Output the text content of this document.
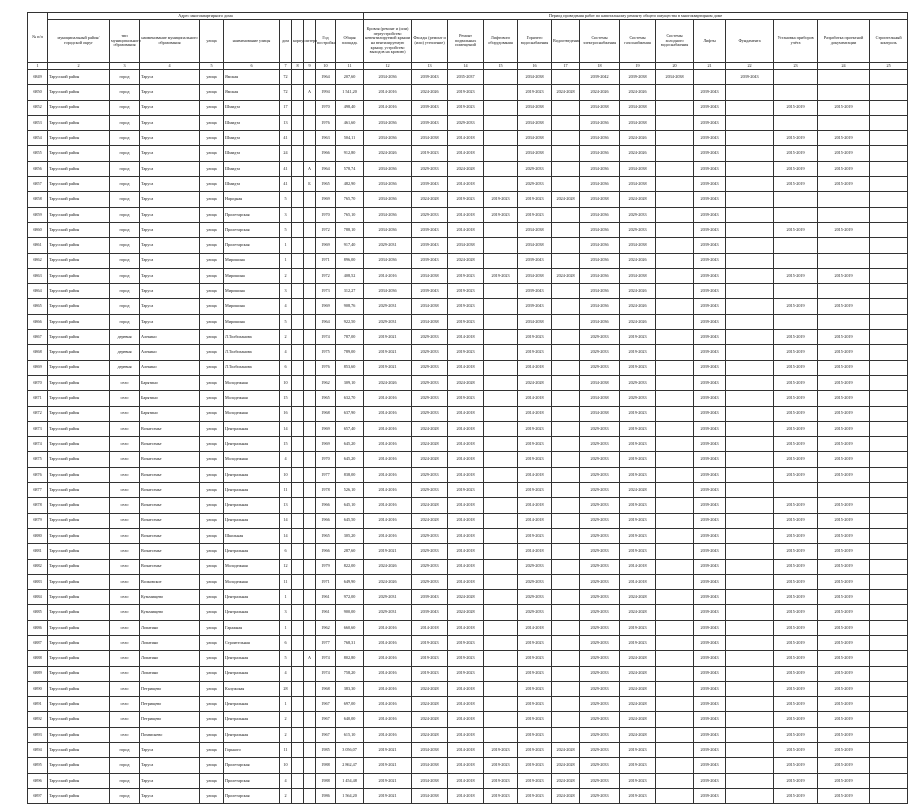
№ п/п	Адрес многоквартирного дома										Период проведения работ по капитальному ремонту общего имущества в многоквартирном доме													
	муниципальный район/городской округ	тип муниципального образования	наименование муниципального образования	улица	наименование улицы	дом	корпус	литера	Год постройки	Общая площадь	Кровля (ремонт и (или) переустройство невентилируемой крыши на вентилируемую крышу, устройство выходов на кровлю)	Фасады (ремонт и (или) утепление)	Ремонт подвальных помещений	Лифтового оборудования	Горячего водоснабжения	Водоотведения	Системы электроснабжения	Системы газоснабжения	Системы холодного водоснабжения	Лифты	Фундамента	Установка приборов учёта	Разработка проектной документации	Строительный контроль
1	2	3	4	5	6	7	8	9	10	11	12	13	14	15	16	17	18	19	20	21	22	23	24	25
6849	Тарусский район	город	Таруса	улица	Ямская	72			1964	207,60	2034-2036	2039-2043	2035-2037		2034-2038		2039-2042	2039-2038	2034-2038		2039-2043			
6850	Тарусский район	город	Таруса	улица	Ямская	72		А	1994	1 541,20	2014-2016	2024-2026	2019-2023		2019-2023	2024-2028	2024-2026	2024-2026		2039-2043				
6852	Тарусский район	город	Таруса	улица	Шмидта	17			1970	498,40	2014-2016	2039-2043	2019-2023		2034-2038		2034-2038	2034-2038		2039-2043		2015-2019	2015-2019	
6853	Тарусский район	город	Таруса	улица	Шмидта	13			1976	461,60	2034-2036	2039-2043	2029-2033		2034-2038		2034-2036	2034-2038		2039-2043				
6854	Тарусский район	город	Таруса	улица	Шмидта	41			1963	504,11	2034-2036	2034-2038	2014-2018		2034-2038		2034-2036	2024-2026		2039-2043		2015-2019	2015-2019	
6855	Тарусский район	город	Таруса	улица	Шмидта	24			1966	912,80	2024-2026	2019-2023	2014-2018		2034-2038		2034-2036	2024-2026		2039-2043		2015-2019	2015-2019	
6856	Тарусский район	город	Таруса	улица	Шмидта	41		А	1964	578,74	2034-2036	2029-2033	2024-2028		2029-2033		2034-2036	2034-2038		2039-2043		2015-2019	2015-2019	
6857	Тарусский район	город	Таруса	улица	Шмидта	41		Б	1965	482,90	2034-2036	2039-2043	2014-2018		2029-2033		2034-2036	2034-2038		2039-2043		2015-2019	2015-2019	
6858	Тарусский район	город	Таруса	улица	Народная	5			1969	765,70	2034-2036	2024-2028	2019-2023	2019-2023	2019-2023	2024-2028	2034-2038	2024-2028		2039-2043				
6859	Тарусский район	город	Таруса	улица	Пролетарская	3			1970	765,10	2034-2036	2029-2033	2014-2018	2019-2023	2019-2023		2034-2036	2029-2033		2039-2043				
6860	Тарусский район	город	Таруса	улица	Пролетарская	5			1972	788,10	2034-2036	2039-2043	2014-2018		2034-2038		2034-2036	2029-2033		2039-2043		2015-2019	2015-2019	
6861	Тарусский район	город	Таруса	улица	Пролетарская	1			1969	917,40	2029-2031	2039-2043	2034-2038		2034-2038		2034-2036	2034-2038		2039-2043				
6862	Тарусский район	город	Таруса	улица	Мирошина	1			1971	896,00	2034-2036	2039-2043	2024-2028		2039-2043		2034-2036	2024-2026		2039-2043				
6863	Тарусский район	город	Таруса	улица	Мирошина	2			1972	408,52	2014-2016	2034-2038	2019-2023	2019-2023	2034-2038	2024-2028	2034-2036	2034-2038		2039-2043		2015-2019	2015-2019	
6864	Тарусский район	город	Таруса	улица	Мирошина	3			1973	312,27	2034-2036	2039-2043	2019-2023		2039-2043		2034-2036	2024-2026		2039-2043				
6865	Тарусский район	город	Таруса	улица	Мирошина	4			1969	908,76	2029-2031	2034-2038	2019-2023		2039-2043		2034-2036	2024-2026		2039-2043		2015-2019	2015-2019	
6866	Тарусский район	город	Таруса	улица	Мирошина	5			1964	922,50	2029-2031	2034-2038	2019-2023		2034-2038		2034-2036	2024-2026		2039-2043				
6867	Тарусский район	деревня	Алекино	улица	Л.Толбиханова	2			1974	787,00	2019-2021	2029-2033	2014-2018		2019-2023		2029-2033	2019-2023		2039-2043		2015-2019	2015-2019	
6868	Тарусский район	деревня	Алекино	улица	Л.Толбиханова	4			1975	789,00	2019-2021	2029-2033	2019-2023		2019-2023		2029-2033	2019-2023		2039-2043		2015-2019	2015-2019	
6869	Тарусский район	деревня	Алекино	улица	Л.Толбиханова	6			1976	853,60	2019-2021	2029-2033	2014-2018		2014-2018		2029-2033	2019-2023		2039-2043		2015-2019	2015-2019	
6870	Тарусский район	село	Барятино	улица	Молодежная	10			1962	309,10	2024-2026	2029-2033	2024-2028		2024-2028		2034-2038	2029-2033		2039-2043		2015-2019	2015-2019	
6871	Тарусский район	село	Барятино	улица	Молодежная	15			1965	632,70	2014-2016	2029-2033	2019-2023		2014-2018		2034-2038	2029-2033		2039-2043		2015-2019	2015-2019	
6872	Тарусский район	село	Барятино	улица	Молодежная	16			1968	637,90	2014-2016	2029-2033	2014-2018		2014-2018		2034-2038	2019-2023		2039-2043		2015-2019	2015-2019	
6873	Тарусский район	село	Вознесенье	улица	Центральная	14			1969	657,40	2014-2016	2024-2028	2014-2018		2019-2023		2029-2033	2019-2023		2039-2043		2015-2019	2015-2019	
6874	Тарусский район	село	Вознесенье	улица	Центральная	15			1969	645,20	2014-2016	2024-2028	2014-2018		2019-2023		2029-2033	2019-2023		2039-2043		2015-2019	2015-2019	
6875	Тарусский район	село	Вознесенье	улица	Молодежная	4			1970	645,20	2014-2016	2024-2028	2014-2018		2019-2023		2029-2033	2019-2023		2039-2043		2015-2019	2015-2019	
6876	Тарусский район	село	Вознесенье	улица	Центральная	10			1977	838,00	2014-2016	2029-2033	2014-2018		2014-2018		2029-2033	2019-2023		2039-2043		2015-2019	2015-2019	
6877	Тарусский район	село	Вознесенье	улица	Центральная	11			1978	526,10	2014-2016	2029-2033	2019-2023		2019-2023		2029-2033	2024-2028		2039-2043				
6878	Тарусский район	село	Вознесенье	улица	Центральная	13			1966	645,10	2014-2016	2024-2028	2014-2018		2014-2018		2029-2033	2019-2023		2039-2043		2015-2019	2015-2019	
6879	Тарусский район	село	Вознесенье	улица	Центральная	14			1966	645,50	2014-2016	2024-2028	2014-2018		2014-2018		2029-2033	2019-2023		2039-2043		2015-2019	2015-2019	
6880	Тарусский район	село	Вознесенье	улица	Школьная	14			1965	305,20	2014-2016	2029-2033	2014-2018		2019-2023		2029-2033	2019-2023		2039-2043		2015-2019	2015-2019	
6881	Тарусский район	село	Вознесенье	улица	Центральная	6			1966	287,60	2019-2021	2029-2033	2014-2018		2014-2018		2029-2033	2019-2023		2039-2043		2015-2019	2015-2019	
6882	Тарусский район	село	Вознесенье	улица	Молодежная	12			1979	822,00	2024-2026	2029-2033	2014-2018		2029-2033		2029-2033	2014-2018		2039-2043		2015-2019	2015-2019	
6883	Тарусский район	село	Волковское	улица	Молодежная	11			1971	649,90	2024-2026	2029-2033	2014-2018		2029-2033		2029-2033	2014-2018		2039-2043		2015-2019	2015-2019	
6884	Тарусский район	село	Кузьмищево	улица	Центральная	1			1961	972,00	2029-2031	2039-2043	2024-2028		2029-2033		2029-2033	2024-2028		2039-2043		2015-2019	2015-2019	
6885	Тарусский район	село	Кузьмищево	улица	Центральная	3			1961	900,00	2029-2031	2039-2043	2024-2028		2029-2033		2029-2033	2024-2028		2039-2043		2015-2019	2015-2019	
6886	Тарусский район	село	Лопатино	улица	Гаражная	1			1962	660,60	2014-2016	2014-2018	2014-2018		2014-2018		2029-2033	2019-2023		2039-2043		2015-2019	2015-2019	
6887	Тарусский район	село	Лопатино	улица	Строительная	6			1977	768,31	2014-2016	2019-2023	2019-2023		2019-2023		2029-2033	2019-2023		2039-2043		2015-2019	2015-2019	
6888	Тарусский район	село	Лопатино	улица	Центральная	5		А	1974	802,80	2014-2016	2019-2023	2019-2023		2019-2023		2029-2033	2024-2028		2039-2043		2015-2019	2015-2019	
6889	Тарусский район	село	Лопатино	улица	Центральная	4			1974	758,20	2014-2016	2019-2023	2019-2023		2019-2023		2029-2033	2024-2028		2039-2043		2015-2019	2015-2019	
6890	Тарусский район	село	Петрищево	улица	Калужская	28			1968	383,30	2014-2016	2024-2028	2014-2018		2019-2023		2029-2033	2024-2028		2039-2043		2015-2019	2015-2019	
6891	Тарусский район	село	Петрищево	улица	Центральная	1			1967	697,00	2014-2016	2024-2028	2014-2018		2019-2023		2029-2033	2024-2028		2039-2043		2015-2019	2015-2019	
6892	Тарусский район	село	Петрищево	улица	Центральная	2			1967	640,00	2014-2016	2024-2028	2014-2018		2019-2023		2029-2033	2024-2028		2039-2043		2015-2019	2015-2019	
6893	Тарусский район	село	Похвиснево	улица	Центральная	2			1967	615,10	2014-2016	2024-2028	2014-2018		2019-2023		2029-2033	2024-2028		2039-2043		2015-2019	2015-2019	
6894	Тарусский район	город	Таруса	улица	Горького	11			1985	3 056,07	2019-2021	2034-2038	2014-2018	2019-2023	2019-2023	2024-2028	2029-2033	2019-2023		2039-2043		2015-2019	2015-2019	
6895	Тарусский район	город	Таруса	улица	Пролетарская	10			1988	2 862,47	2019-2021	2034-2038	2014-2018	2019-2023	2019-2023	2024-2028	2029-2033	2019-2023		2039-2043		2015-2019	2015-2019	
6896	Тарусский район	город	Таруса	улица	Пролетарская	4			1988	1 454,48	2019-2021	2034-2038	2014-2018	2019-2023	2019-2023	2024-2028	2029-2033	2019-2023		2039-2043		2015-2019	2015-2019	
6897	Тарусский район	город	Таруса	улица	Пролетарская	2			1986	1 564,20	2019-2021	2034-2038	2014-2018	2019-2023	2019-2023	2024-2028	2029-2033	2019-2023		2039-2043		2015-2019	2015-2019	
